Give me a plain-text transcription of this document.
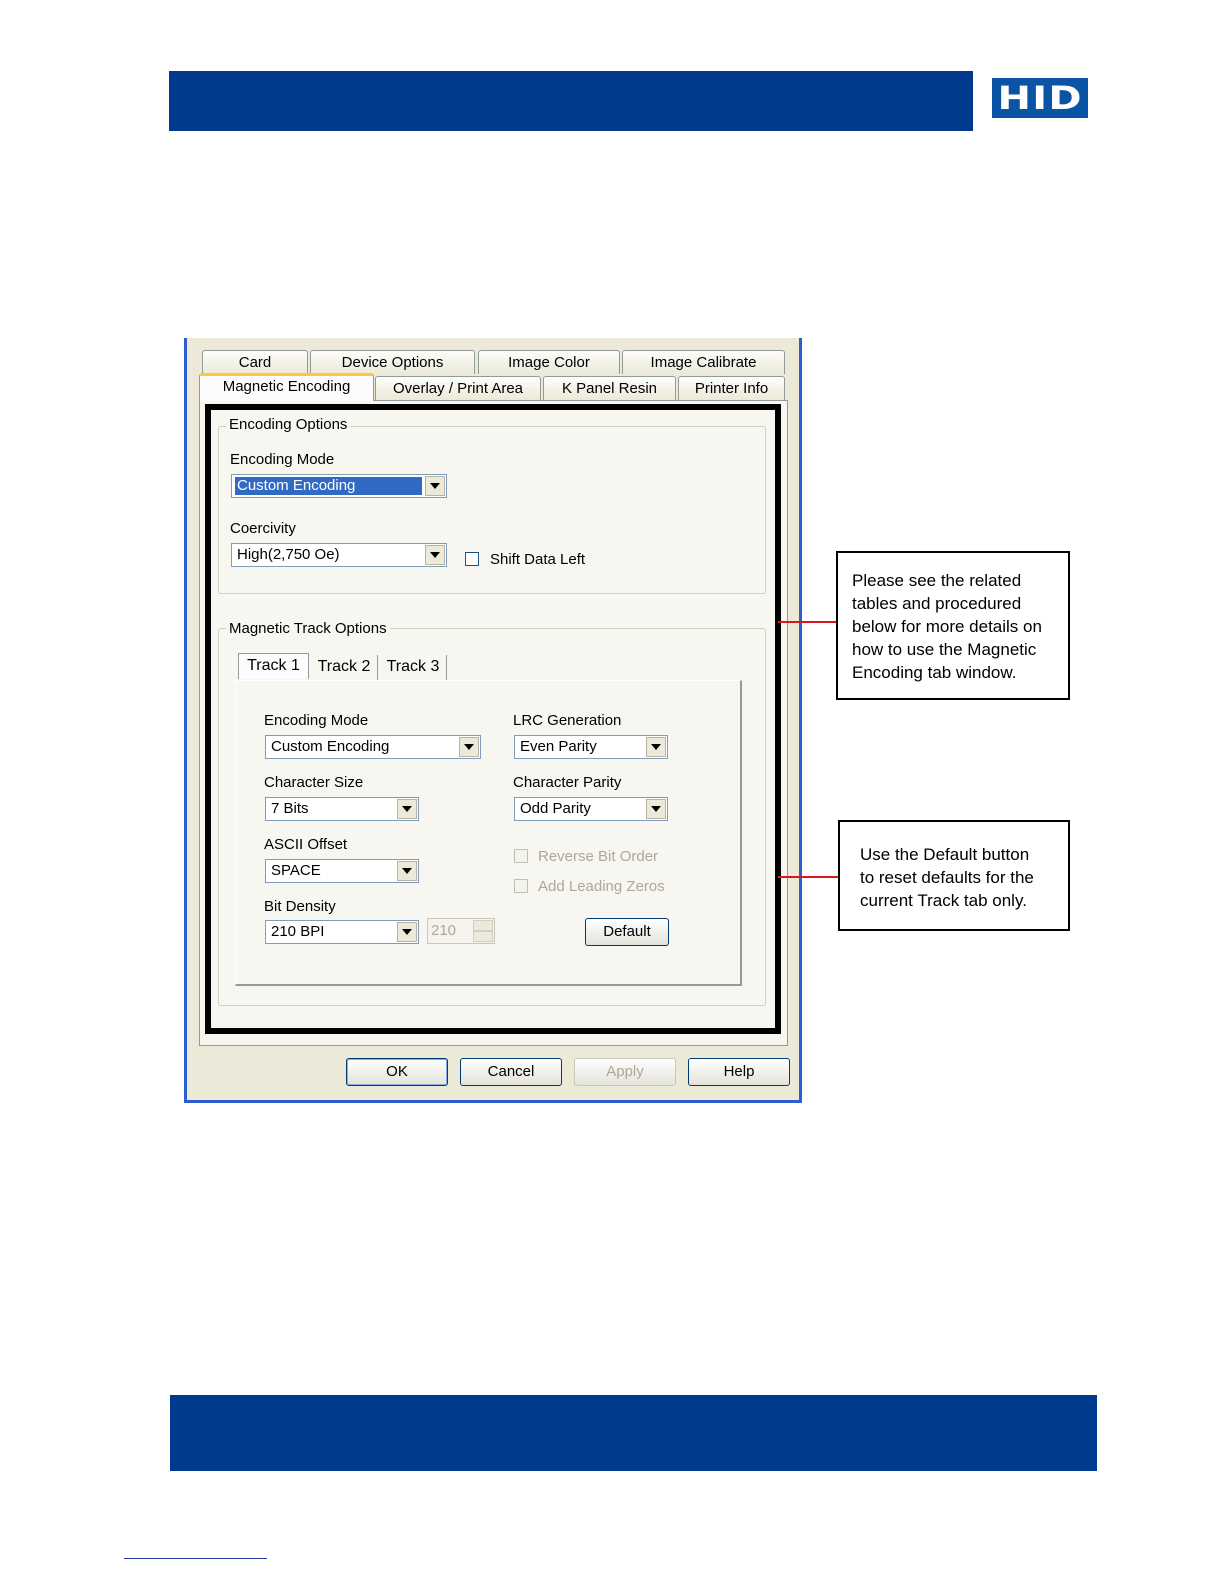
HID
Card	Device Options	Image Color	Image Calibrate
Magnetic Encoding	Overlay / Print Area	K Panel Resin	Printer Info
Encoding Options
Encoding Mode
Custom Encoding
Coercivity
High(2,750 Oe)	Shift Data Left
Magnetic Track Options
Track 1	Track 2	Track 3
Encoding Mode
Custom Encoding
LRC Generation
Even Parity
Character Size
7 Bits
Character Parity
Odd Parity
ASCII Offset
SPACE
Reverse Bit Order
Add Leading Zeros
Bit Density
210 BPI	210	Default
OK	Cancel	Apply	Help
Please see the related
tables and procedured
below for more details on
how to use the Magnetic
Encoding tab window.
Use the Default button
to reset defaults for the
current Track tab only.
